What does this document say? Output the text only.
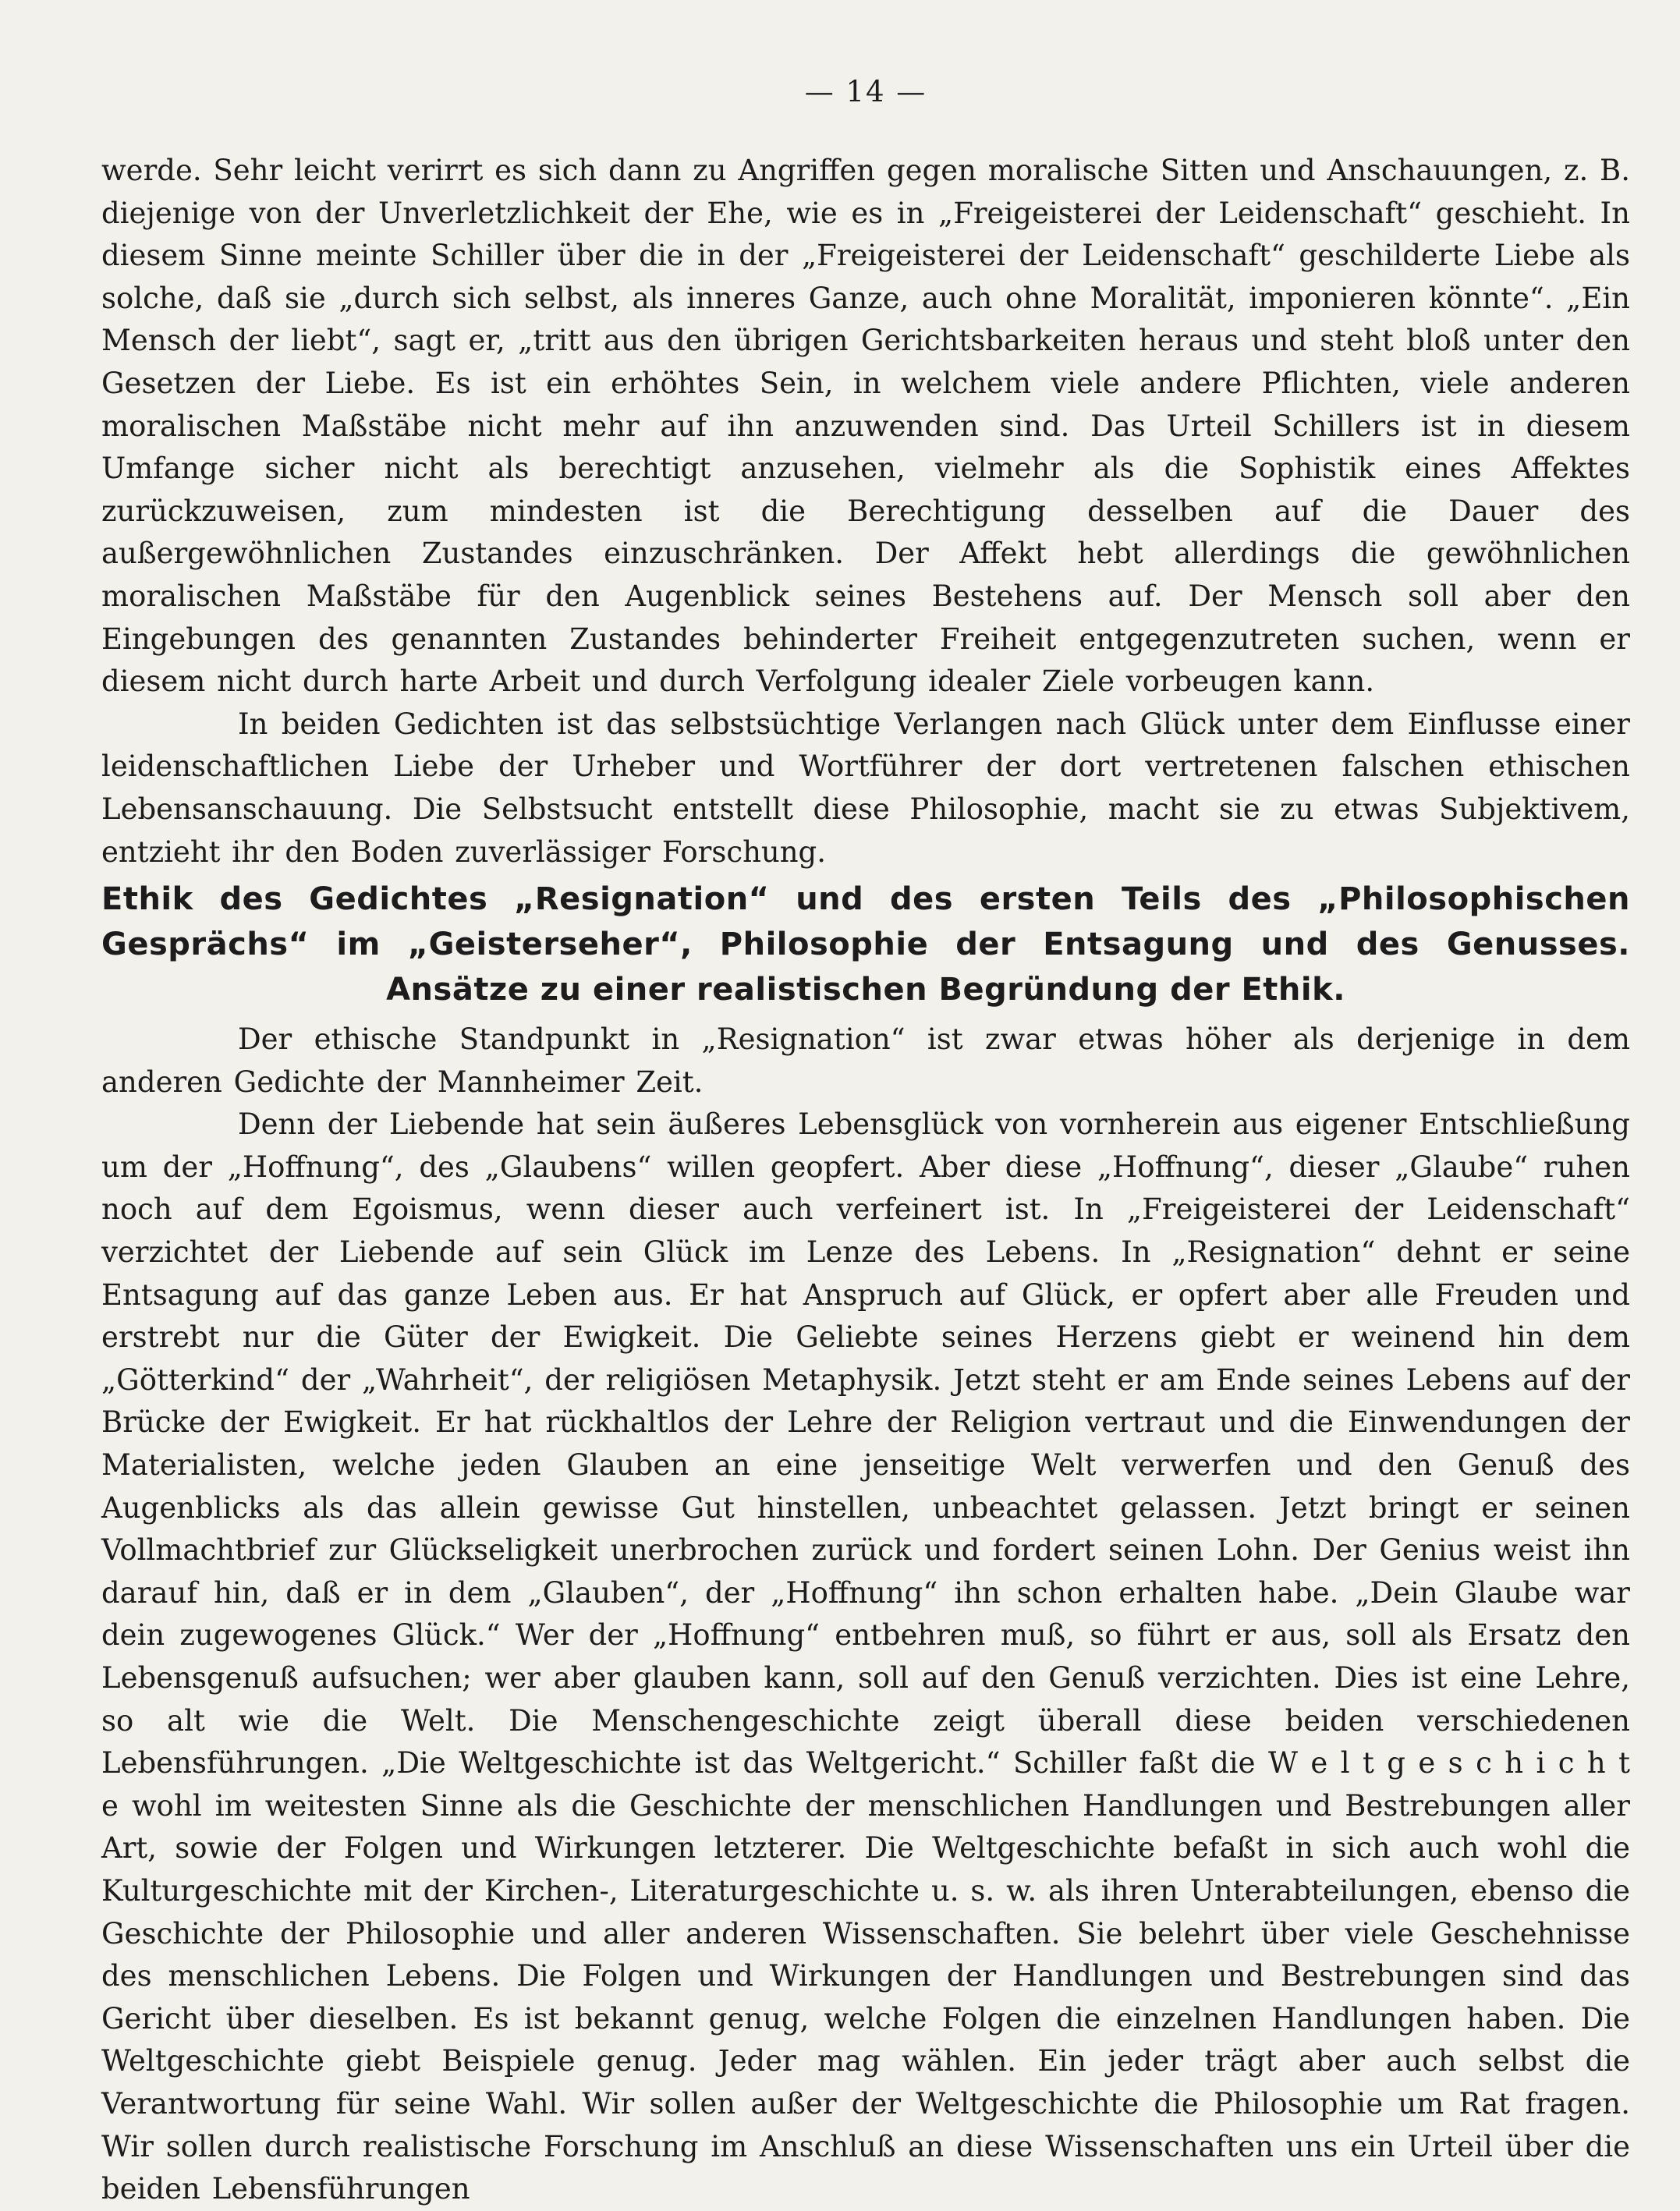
— 14 —

werde. Sehr leicht verirrt es sich dann zu Angriffen gegen moralische Sitten und Anschauungen, z. B. diejenige von der Unverletzlichkeit der Ehe, wie es in „Freigeisterei der Leidenschaft“ geschieht. In diesem Sinne meinte Schiller über die in der „Freigeisterei der Leidenschaft“ geschilderte Liebe als solche, daß sie „durch sich selbst, als inneres Ganze, auch ohne Moralität, imponieren könnte“. „Ein Mensch der liebt“, sagt er, „tritt aus den übrigen Gerichtsbarkeiten heraus und steht bloß unter den Gesetzen der Liebe. Es ist ein erhöhtes Sein, in welchem viele andere Pflichten, viele anderen moralischen Maßstäbe nicht mehr auf ihn anzuwenden sind. Das Urteil Schillers ist in diesem Umfange sicher nicht als berechtigt anzusehen, vielmehr als die Sophistik eines Affektes zurückzuweisen, zum mindesten ist die Berechtigung desselben auf die Dauer des außergewöhnlichen Zustandes einzuschränken. Der Affekt hebt allerdings die gewöhnlichen moralischen Maßstäbe für den Augenblick seines Bestehens auf. Der Mensch soll aber den Eingebungen des genannten Zustandes behinderter Freiheit entgegenzutreten suchen, wenn er diesem nicht durch harte Arbeit und durch Verfolgung idealer Ziele vorbeugen kann.

In beiden Gedichten ist das selbstsüchtige Verlangen nach Glück unter dem Einflusse einer leidenschaftlichen Liebe der Urheber und Wortführer der dort vertretenen falschen ethischen Lebensanschauung. Die Selbstsucht entstellt diese Philosophie, macht sie zu etwas Subjektivem, entzieht ihr den Boden zuverlässiger Forschung.

Ethik des Gedichtes „Resignation“ und des ersten Teils des „Philosophischen Gesprächs“ im „Geisterseher“, Philosophie der Entsagung und des Genusses. Ansätze zu einer realistischen Begründung der Ethik.

Der ethische Standpunkt in „Resignation“ ist zwar etwas höher als derjenige in dem anderen Gedichte der Mannheimer Zeit.

Denn der Liebende hat sein äußeres Lebensglück von vornherein aus eigener Entschließung um der „Hoffnung“, des „Glaubens“ willen geopfert. Aber diese „Hoffnung“, dieser „Glaube“ ruhen noch auf dem Egoismus, wenn dieser auch verfeinert ist. In „Freigeisterei der Leidenschaft“ verzichtet der Liebende auf sein Glück im Lenze des Lebens. In „Resignation“ dehnt er seine Entsagung auf das ganze Leben aus. Er hat Anspruch auf Glück, er opfert aber alle Freuden und erstrebt nur die Güter der Ewigkeit. Die Geliebte seines Herzens giebt er weinend hin dem „Götterkind“ der „Wahrheit“, der religiösen Metaphysik. Jetzt steht er am Ende seines Lebens auf der Brücke der Ewigkeit. Er hat rückhaltlos der Lehre der Religion vertraut und die Einwendungen der Materialisten, welche jeden Glauben an eine jenseitige Welt verwerfen und den Genuß des Augenblicks als das allein gewisse Gut hinstellen, unbeachtet gelassen. Jetzt bringt er seinen Vollmachtbrief zur Glückseligkeit unerbrochen zurück und fordert seinen Lohn. Der Genius weist ihn darauf hin, daß er in dem „Glauben“, der „Hoffnung“ ihn schon erhalten habe. „Dein Glaube war dein zugewogenes Glück.“ Wer der „Hoffnung“ entbehren muß, so führt er aus, soll als Ersatz den Lebensgenuß aufsuchen; wer aber glauben kann, soll auf den Genuß verzichten. Dies ist eine Lehre, so alt wie die Welt. Die Menschengeschichte zeigt überall diese beiden verschiedenen Lebensführungen. „Die Weltgeschichte ist das Weltgericht.“ Schiller faßt die W e l t g e s c h i c h t e wohl im weitesten Sinne als die Geschichte der menschlichen Handlungen und Bestrebungen aller Art, sowie der Folgen und Wirkungen letzterer. Die Weltgeschichte befaßt in sich auch wohl die Kulturgeschichte mit der Kirchen-, Literaturgeschichte u. s. w. als ihren Unterabteilungen, ebenso die Geschichte der Philosophie und aller anderen Wissenschaften. Sie belehrt über viele Geschehnisse des menschlichen Lebens. Die Folgen und Wirkungen der Handlungen und Bestrebungen sind das Gericht über dieselben. Es ist bekannt genug, welche Folgen die einzelnen Handlungen haben. Die Weltgeschichte giebt Beispiele genug. Jeder mag wählen. Ein jeder trägt aber auch selbst die Verantwortung für seine Wahl. Wir sollen außer der Weltgeschichte die Philosophie um Rat fragen. Wir sollen durch realistische Forschung im Anschluß an diese Wissenschaften uns ein Urteil über die beiden Lebensführungen
